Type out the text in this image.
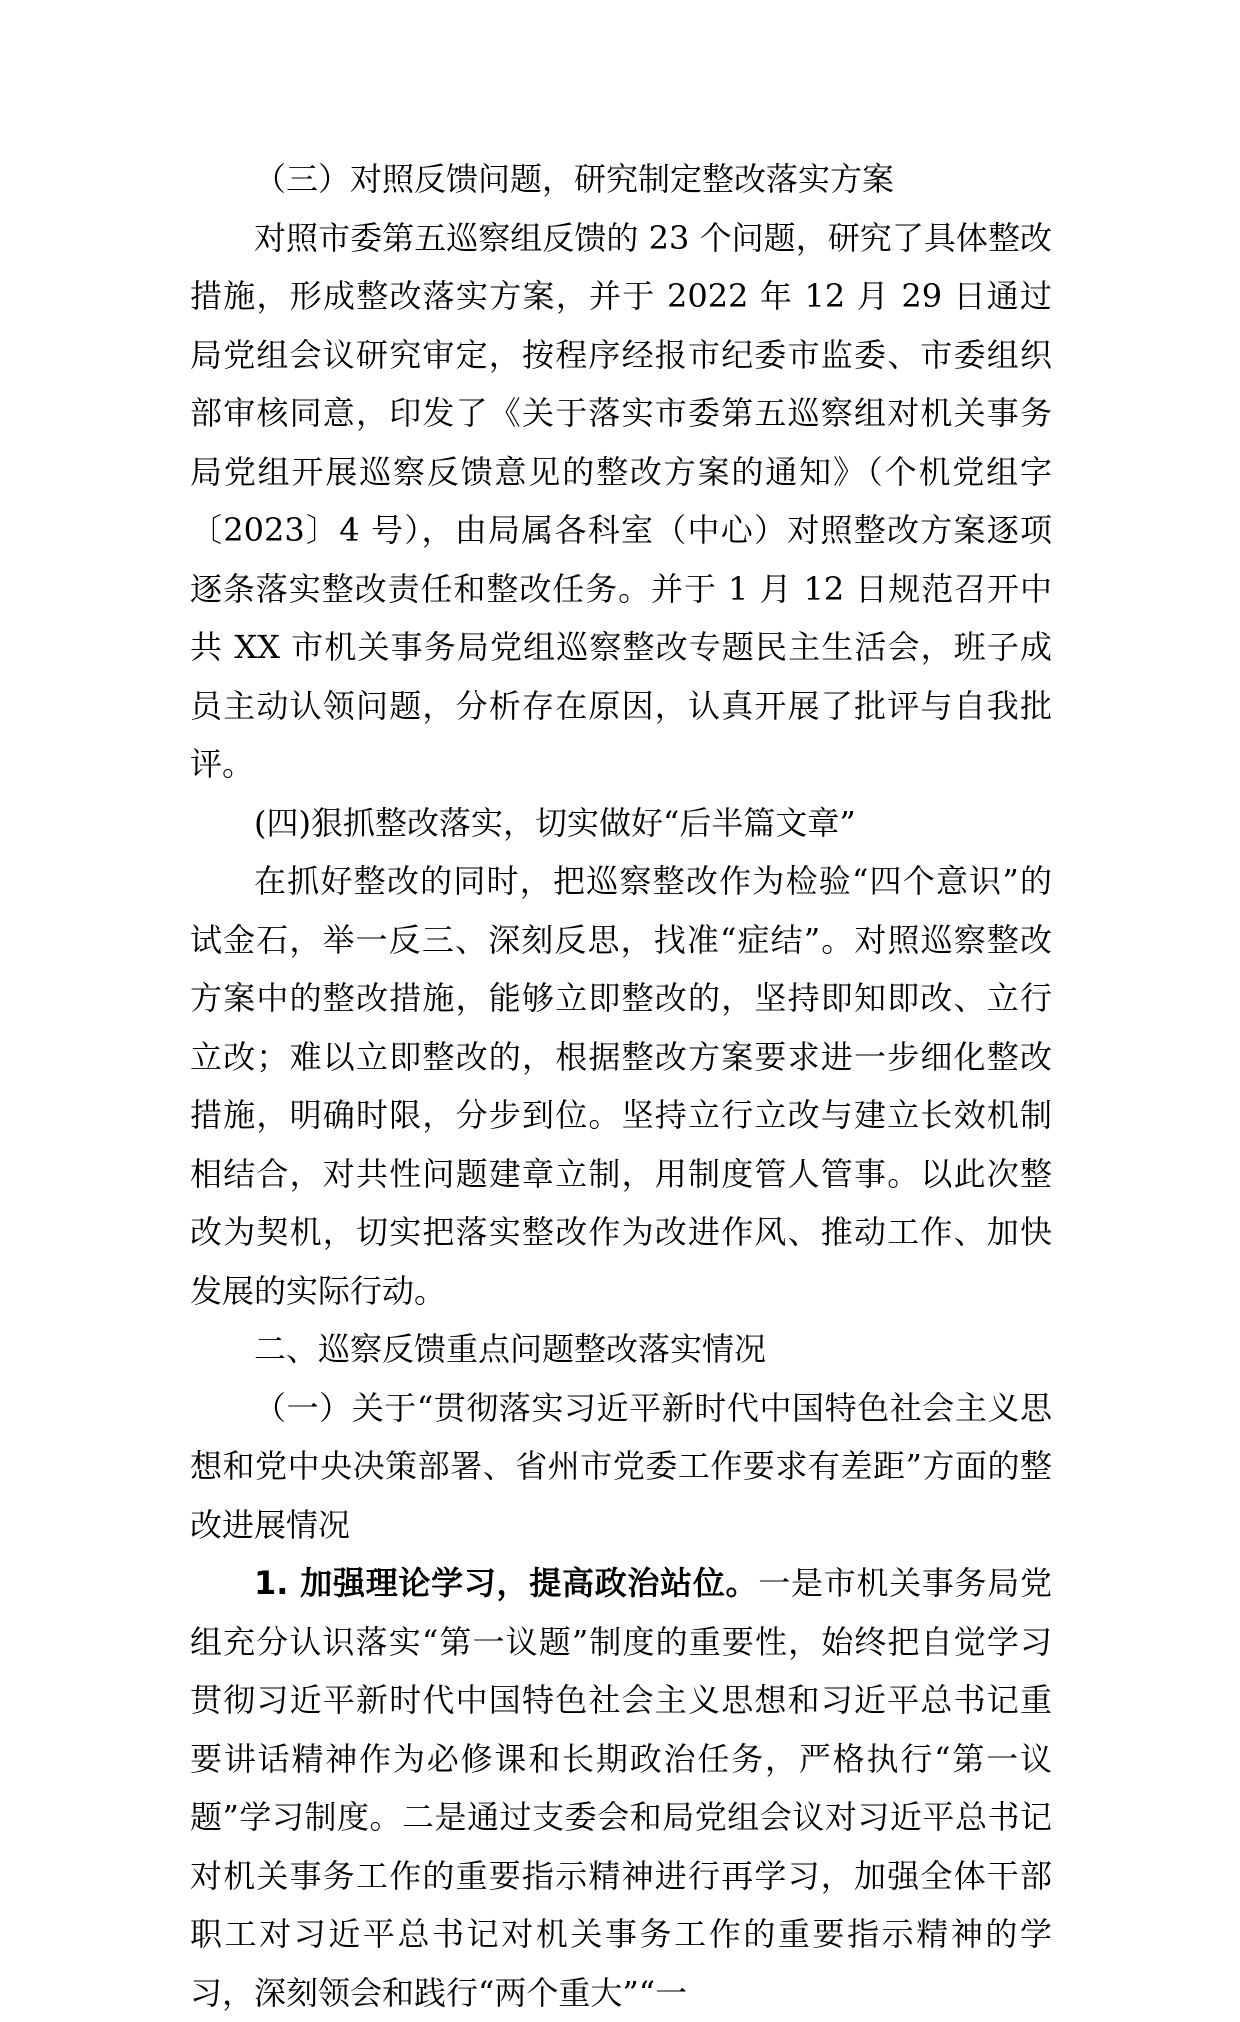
（三）对照反馈问题，研究制定整改落实方案

对照市委第五巡察组反馈的 23 个问题，研究了具体整改措施，形成整改落实方案，并于 2022 年 12 月 29 日通过局党组会议研究审定，按程序经报市纪委市监委、市委组织部审核同意，印发了《关于落实市委第五巡察组对机关事务局党组开展巡察反馈意见的整改方案的通知》（个机党组字〔2023〕4 号），由局属各科室（中心）对照整改方案逐项逐条落实整改责任和整改任务。并于 1 月 12 日规范召开中共 XX 市机关事务局党组巡察整改专题民主生活会，班子成员主动认领问题，分析存在原因，认真开展了批评与自我批评。

(四)狠抓整改落实，切实做好“后半篇文章”

在抓好整改的同时，把巡察整改作为检验“四个意识”的试金石，举一反三、深刻反思，找准“症结”。对照巡察整改方案中的整改措施，能够立即整改的，坚持即知即改、立行立改；难以立即整改的，根据整改方案要求进一步细化整改措施，明确时限，分步到位。坚持立行立改与建立长效机制相结合，对共性问题建章立制，用制度管人管事。以此次整改为契机，切实把落实整改作为改进作风、推动工作、加快发展的实际行动。

二、巡察反馈重点问题整改落实情况

（一）关于“贯彻落实习近平新时代中国特色社会主义思想和党中央决策部署、省州市党委工作要求有差距”方面的整改进展情况

1. 加强理论学习，提高政治站位。一是市机关事务局党组充分认识落实“第一议题”制度的重要性，始终把自觉学习贯彻习近平新时代中国特色社会主义思想和习近平总书记重要讲话精神作为必修课和长期政治任务，严格执行“第一议题”学习制度。二是通过支委会和局党组会议对习近平总书记对机关事务工作的重要指示精神进行再学习，加强全体干部职工对习近平总书记对机关事务工作的重要指示精神的学习，深刻领会和践行“两个重大”“一
